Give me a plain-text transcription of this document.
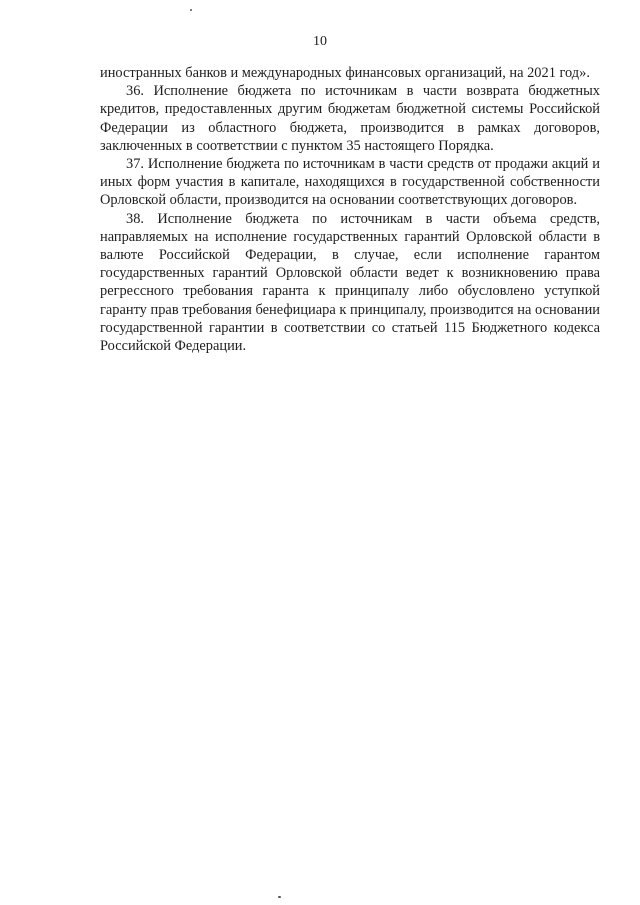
10

иностранных банков и международных финансовых организаций, на 2021 год».

36. Исполнение бюджета по источникам в части возврата бюджетных кредитов, предоставленных другим бюджетам бюджетной системы Российской Федерации из областного бюджета, производится в рамках договоров, заключенных в соответствии с пунктом 35 настоящего Порядка.

37. Исполнение бюджета по источникам в части средств от продажи акций и иных форм участия в капитале, находящихся в государственной собственности Орловской области, производится на основании соответствующих договоров.

38. Исполнение бюджета по источникам в части объема средств, направляемых на исполнение государственных гарантий Орловской области в валюте Российской Федерации, в случае, если исполнение гарантом государственных гарантий Орловской области ведет к возникновению права регрессного требования гаранта к принципалу либо обусловлено уступкой гаранту прав требования бенефициара к принципалу, производится на основании государственной гарантии в соответствии со статьей 115 Бюджетного кодекса Российской Федерации.
